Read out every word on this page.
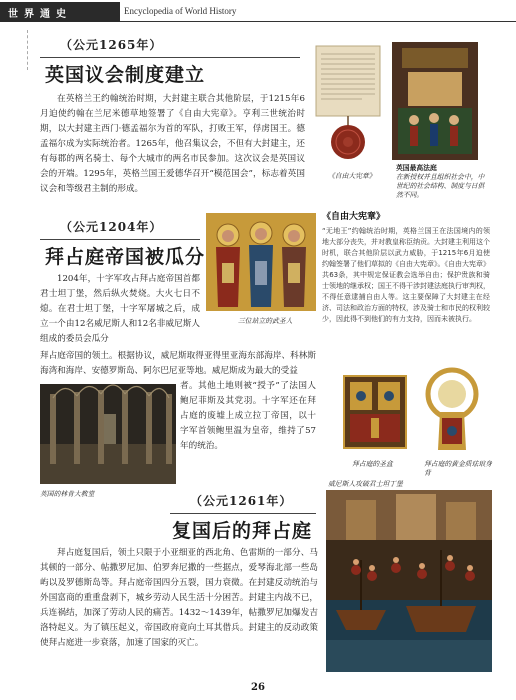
世界通史	Encyclopedia of World History
（公元1265年）
英国议会制度建立
在英格兰王约翰统治时期，大封建主联合其他阶层，于1215年6月迫使约翰在兰尼米德草地签署了《自由大宪章》。亨利三世统治时期，以大封建主西门·德孟福尔为首的军队，打败王军，俘虏国王。德孟福尔成为实际统治者。1265年，他召集议会，不但有大封建主，还有每郡的两名骑士、每个大城市的两名市民参加。这次议会是英国议会的开端。1295年，英格兰国王爱德华召开“模范国会”，标志着英国议会和等级君主制的形成。
《自由大宪章》
英国最高法庭
在新授权并且组织社会中，中世纪的社会结构、制度与日俱然不同。
（公元1204年）
拜占庭帝国被瓜分
1204年，十字军攻占拜占庭帝国首都君士坦丁堡，然后纵火焚烧。大火七日不熄。在君士坦丁堡，十字军屠城之后，成立一个由12名威尼斯人和12名非威尼斯人组成的委员会瓜分
拜占庭帝国的领土。根据协议，威尼斯取得亚得里亚海东部海岸、科林斯海湾和海岸、安德罗斯岛、阿尔巴尼亚等地。威尼斯成为最大的受益
者。其他土地则被“授予”了法国人鲍尼菲斯及其党羽。十字军还在拜占庭的废墟上成立拉丁帝国，以十字军首领鲍里温为皇帝，维持了57年的统治。
三位站立的武圣人
《自由大宪章》
“无地王”约翰统治时期，英格兰国王在法国境内的领地大部分丧失，并对教皇称臣纳贡。大封建主利用这个时机，联合其他阶层以武力威胁，于1215年6月迫使约翰签署了他们草拟的《自由大宪章》。《自由大宪章》共63条，其中规定保证教会选举自由；保护贵族和骑士领地的继承权；国王不得干涉封建法庭执行审判权，不得任意逮捕自由人等。这主要保障了大封建主在经济、司法和政治方面的特权，涉及骑士和市民的权利较少，因此得不到他们的有力支持，因而未被执行。
英国的林肯大教堂
拜占庭的圣盒	拜占庭的黄金质珐琅身背
（公元1261年）
复国后的拜占庭
拜占庭复国后，领土只限于小亚细亚的西北角、色雷斯的一部分、马其顿的一部分、帖撒罗尼加、伯罗奔尼撒的一些据点，爱琴海北部一些岛屿以及罗德斯岛等。拜占庭帝国四分五裂，国力衰微。在封建反动统治与外国富商的重重盘剥下，城乡劳动人民生活十分困苦。封建主内战不已，兵连祸结，加深了劳动人民的痛苦。1432～1439年，帖撒罗尼加爆发吉洛特起义。为了镇压起义，帝国政府竟向土耳其借兵。封建主的反动政策使拜占庭进一步衰落，加速了国家的灭亡。
威尼斯人攻破君士坦丁堡
26
